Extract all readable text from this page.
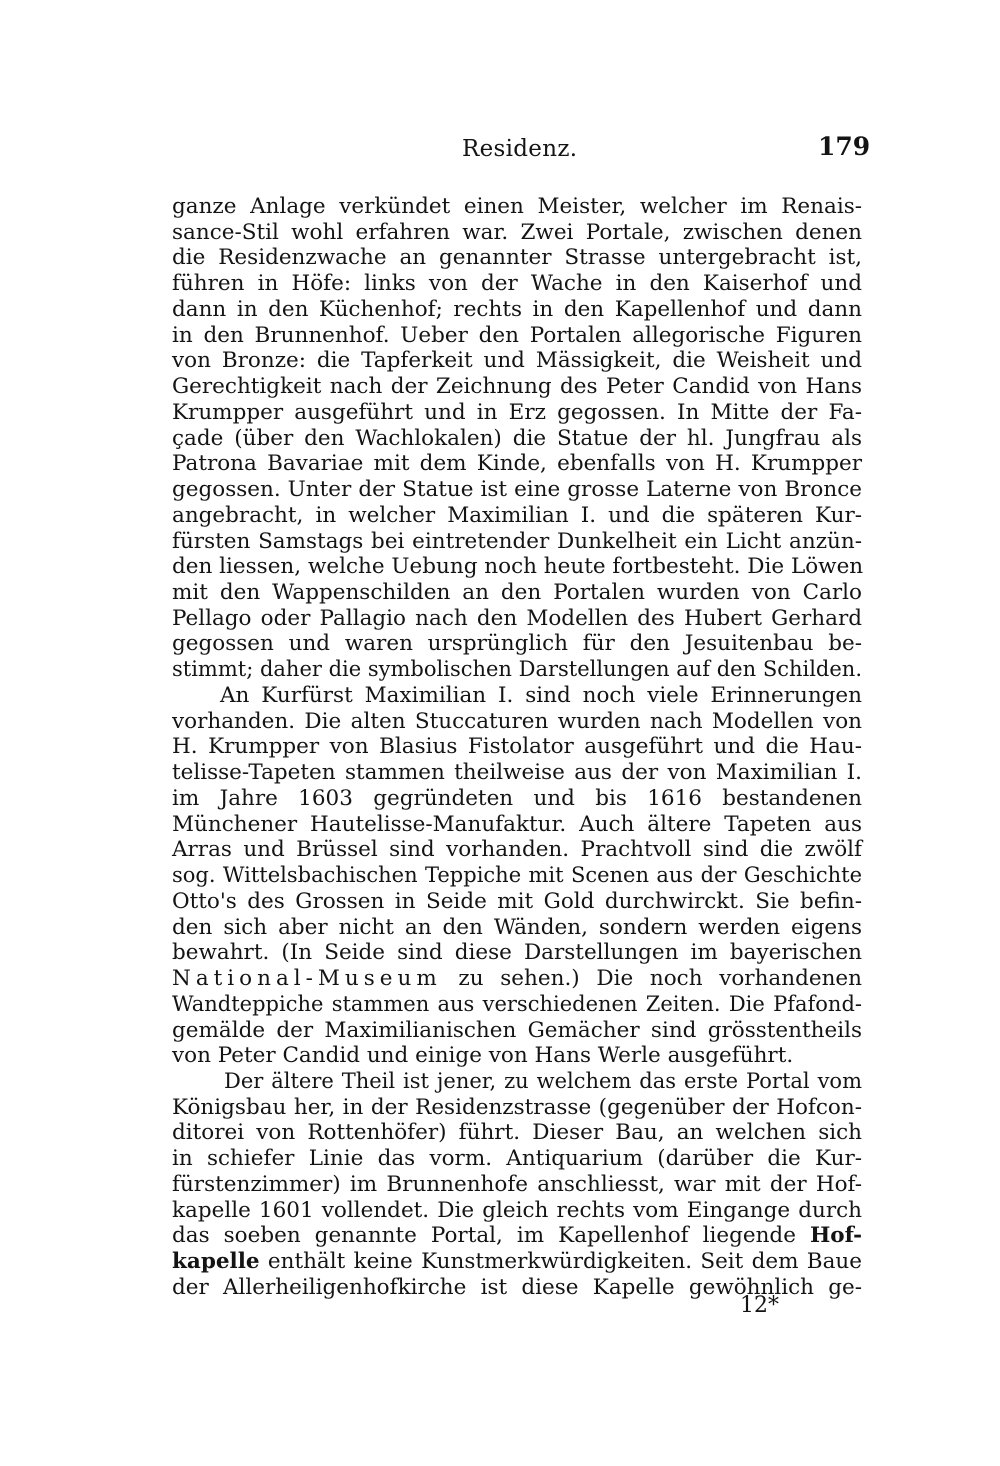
Residenz.	179
ganze Anlage verkündet einen Meister, welcher im Renais-
sance-Stil wohl erfahren war. Zwei Portale, zwischen denen
die Residenzwache an genannter Strasse untergebracht ist,
führen in Höfe: links von der Wache in den Kaiserhof und
dann in den Küchenhof; rechts in den Kapellenhof und dann
in den Brunnenhof. Ueber den Portalen allegorische Figuren
von Bronze: die Tapferkeit und Mässigkeit, die Weisheit und
Gerechtigkeit nach der Zeichnung des Peter Candid von Hans
Krumpper ausgeführt und in Erz gegossen. In Mitte der Fa-
çade (über den Wachlokalen) die Statue der hl. Jungfrau als
Patrona Bavariae mit dem Kinde, ebenfalls von H. Krumpper
gegossen. Unter der Statue ist eine grosse Laterne von Bronce
angebracht, in welcher Maximilian I. und die späteren Kur-
fürsten Samstags bei eintretender Dunkelheit ein Licht anzün-
den liessen, welche Uebung noch heute fortbesteht. Die Löwen
mit den Wappenschilden an den Portalen wurden von Carlo
Pellago oder Pallagio nach den Modellen des Hubert Gerhard
gegossen und waren ursprünglich für den Jesuitenbau be-
stimmt; daher die symbolischen Darstellungen auf den Schilden.
An Kurfürst Maximilian I. sind noch viele Erinnerungen
vorhanden. Die alten Stuccaturen wurden nach Modellen von
H. Krumpper von Blasius Fistolator ausgeführt und die Hau-
telisse-Tapeten stammen theilweise aus der von Maximilian I.
im Jahre 1603 gegründeten und bis 1616 bestandenen
Münchener Hautelisse-Manufaktur. Auch ältere Tapeten aus
Arras und Brüssel sind vorhanden. Prachtvoll sind die zwölf
sog. Wittelsbachischen Teppiche mit Scenen aus der Geschichte
Otto's des Grossen in Seide mit Gold durchwirckt. Sie befin-
den sich aber nicht an den Wänden, sondern werden eigens
bewahrt. (In Seide sind diese Darstellungen im bayerischen
National-Museum zu sehen.) Die noch vorhandenen
Wandteppiche stammen aus verschiedenen Zeiten. Die Pfafond-
gemälde der Maximilianischen Gemächer sind grösstentheils
von Peter Candid und einige von Hans Werle ausgeführt.
Der ältere Theil ist jener, zu welchem das erste Portal vom
Königsbau her, in der Residenzstrasse (gegenüber der Hofcon-
ditorei von Rottenhöfer) führt. Dieser Bau, an welchen sich
in schiefer Linie das vorm. Antiquarium (darüber die Kur-
fürstenzimmer) im Brunnenhofe anschliesst, war mit der Hof-
kapelle 1601 vollendet. Die gleich rechts vom Eingange durch
das soeben genannte Portal, im Kapellenhof liegende Hof-
kapelle enthält keine Kunstmerkwürdigkeiten. Seit dem Baue
der Allerheiligenhofkirche ist diese Kapelle gewöhnlich ge-
12*
